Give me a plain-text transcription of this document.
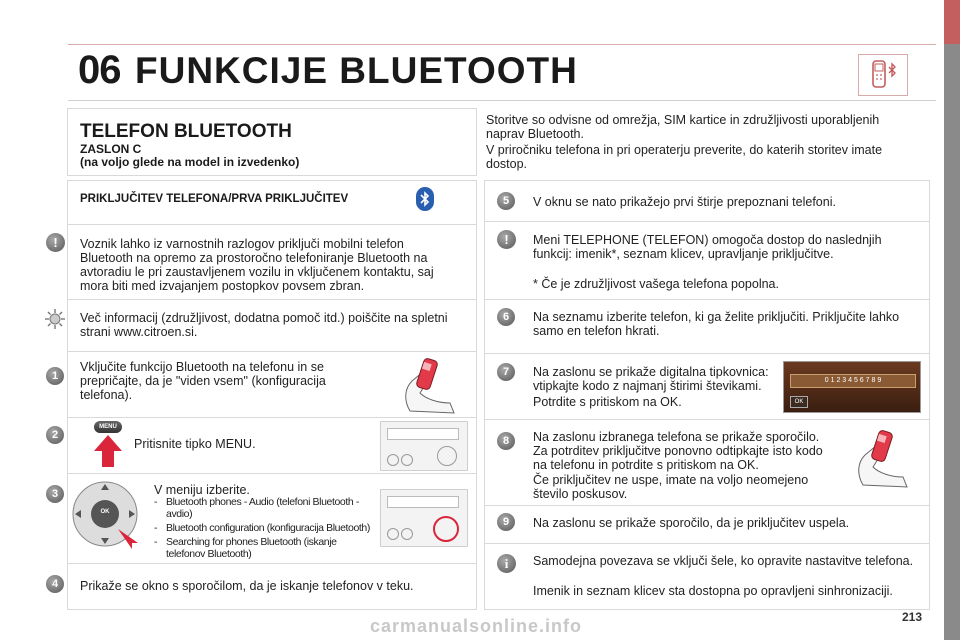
06 FUNKCIJE BLUETOOTH
TELEFON BLUETOOTH
ZASLON C
(na voljo glede na model in izvedenko)
Storitve so odvisne od omrežja, SIM kartice in združljivosti uporabljenih naprav Bluetooth.
V priročniku telefona in pri operaterju preverite, do katerih storitev imate dostop.
PRIKLJUČITEV TELEFONA/PRVA PRIKLJUČITEV
!	Voznik lahko iz varnostnih razlogov priključi mobilni telefon Bluetooth na opremo za prostoročno telefoniranje Bluetooth na avtoradiu le pri zaustavljenem vozilu in vključenem kontaktu, saj mora biti med izvajanjem postopkov povsem zbran.
Več informacij (združljivost, dodatna pomoč itd.) poiščite na spletni strani www.citroen.si.
1
Vključite funkcijo Bluetooth na telefonu in se prepričajte, da je "viden vsem" (konfiguracija telefona).
2
MENU
Pritisnite tipko MENU.
3
OK
V meniju izberite.
- Bluetooth phones - Audio (telefoni Bluetooth - avdio)
- Bluetooth configuration (konfiguracija Bluetooth)
- Searching for phones Bluetooth (iskanje telefonov Bluetooth)
4	Prikaže se okno s sporočilom, da je iskanje telefonov v teku.
5	V oknu se nato prikažejo prvi štirje prepoznani telefoni.
!	Meni TELEPHONE (TELEFON) omogoča dostop do naslednjih funkcij: imenik*, seznam klicev, upravljanje priključitve.
* Če je združljivost vašega telefona popolna.
6	Na seznamu izberite telefon, ki ga želite priključiti. Priključite lahko samo en telefon hkrati.
7	Na zaslonu se prikaže digitalna tipkovnica: vtipkajte kodo z najmanj štirimi števikami.
Potrdite s pritiskom na OK.
0 1 2 3 4 5 6 7 8 9
OK
8	Na zaslonu izbranega telefona se prikaže sporočilo. Za potrditev priključitve ponovno odtipkajte isto kodo na telefonu in potrdite s pritiskom na OK.
Če priključitev ne uspe, imate na voljo neomejeno število poskusov.
9	Na zaslonu se prikaže sporočilo, da je priključitev uspela.
i	Samodejna povezava se vključi šele, ko opravite nastavitve telefona.
Imenik in seznam klicev sta dostopna po opravljeni sinhronizaciji.
213
carmanualsonline.info
